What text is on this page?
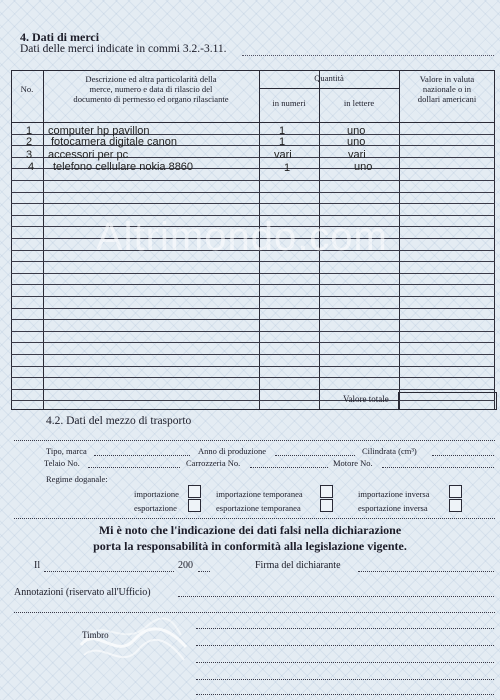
4. Dati di merci
Dati delle merci indicate in commi 3.2.-3.11.
No.
Descrizione ed altra particolarità della
merce, numero e data di rilascio del
documento di permesso ed organo rilasciante
Quantità
in numeri	in lettere
Valore in valuta
nazionale o in
dollari americani
1 computer hp pavillon	1	uno
2 fotocamera digitale canon	1	uno
3 accessori per pc	vari	vari
4 telefono cellulare nokia 8860	1	uno
Altrimondo.com
Valore totale
4.2. Dati del mezzo di trasporto
Tipo, marca	Anno di produzione	Cilindrata (cm³)
Telaio No.	Carrozzeria No.	Motore No.
Regime doganale:
importazione	importazione temporanea	importazione inversa
esportazione	esportazione temporanea	esportazione inversa
Mi è noto che l'indicazione dei dati falsi nella dichiarazione
porta la responsabilità in conformità alla legislazione vigente.
Il	200	Firma del dichiarante
Annotazioni (riservato all'Ufficio)
Timbro
